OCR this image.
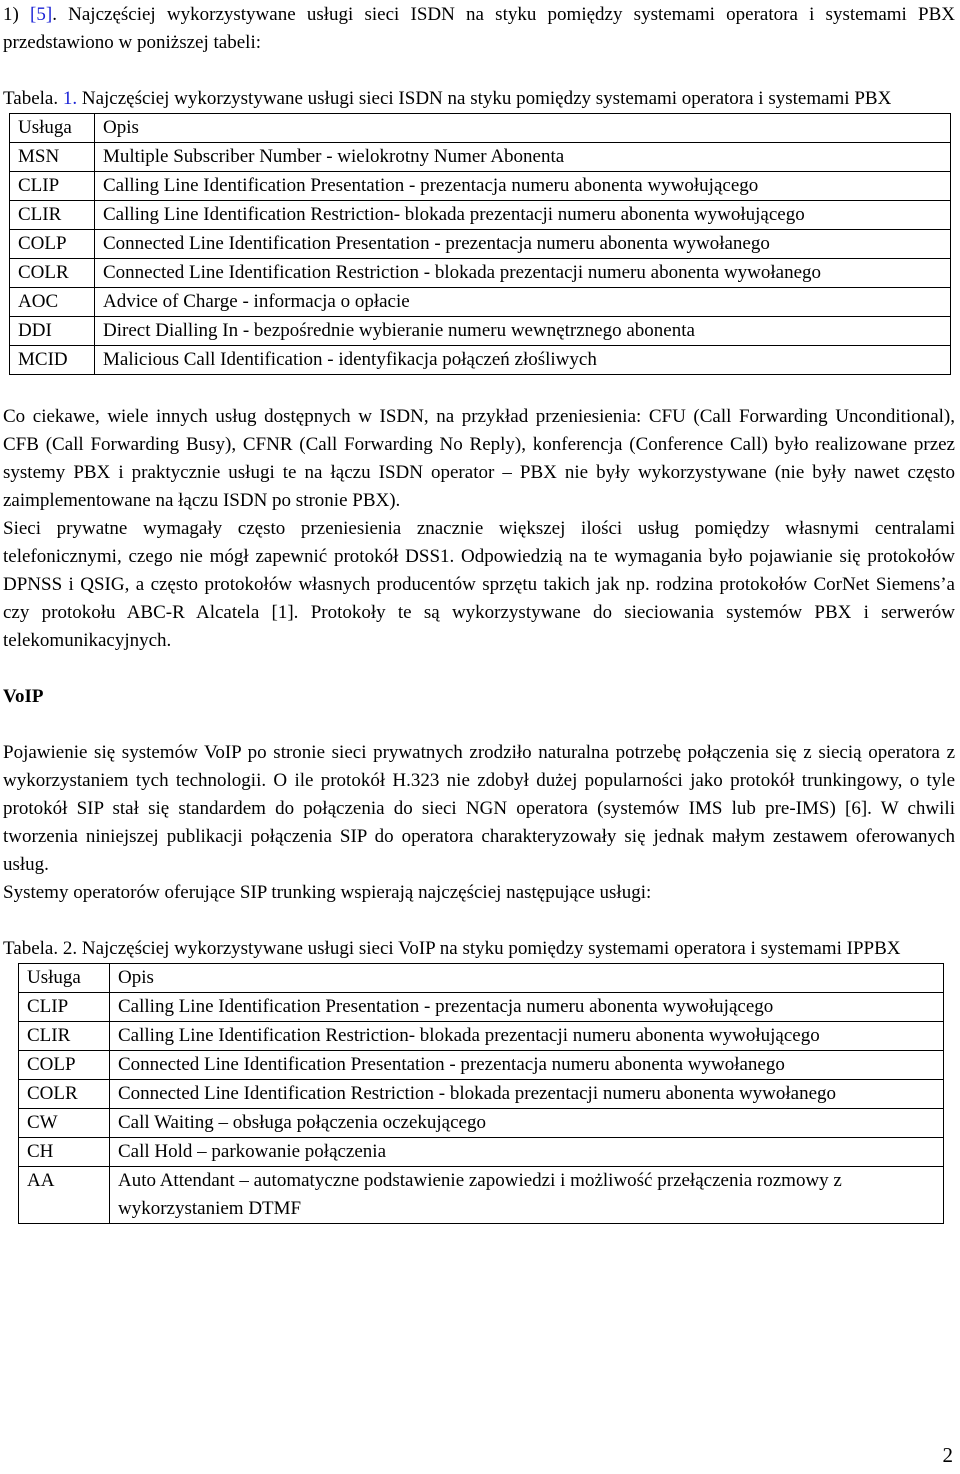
1) [5]. Najczęściej wykorzystywane usługi sieci ISDN na styku pomiędzy systemami operatora i systemami PBX przedstawiono w poniższej tabeli:

Tabela. 1. Najczęściej wykorzystywane usługi sieci ISDN na styku pomiędzy systemami operatora i systemami PBX

Usługa	Opis
MSN	Multiple Subscriber Number - wielokrotny Numer Abonenta
CLIP	Calling Line Identification Presentation - prezentacja numeru abonenta wywołującego
CLIR	Calling Line Identification Restriction- blokada prezentacji numeru abonenta wywołującego
COLP	Connected Line Identification Presentation - prezentacja numeru abonenta wywołanego
COLR	Connected Line Identification Restriction - blokada prezentacji numeru abonenta wywołanego
AOC	Advice of Charge - informacja o opłacie
DDI	Direct Dialling In - bezpośrednie wybieranie numeru wewnętrznego abonenta
MCID	Malicious Call Identification - identyfikacja połączeń złośliwych

Co ciekawe, wiele innych usług dostępnych w ISDN, na przykład przeniesienia: CFU (Call Forwarding Unconditional), CFB (Call Forwarding Busy), CFNR (Call Forwarding No Reply), konferencja (Conference Call) było realizowane przez systemy PBX i praktycznie usługi te na łączu ISDN operator – PBX nie były wykorzystywane (nie były nawet często zaimplementowane na łączu ISDN po stronie PBX).

Sieci prywatne wymagały często przeniesienia znacznie większej ilości usług pomiędzy własnymi centralami telefonicznymi, czego nie mógł zapewnić protokół DSS1. Odpowiedzią na te wymagania było pojawianie się protokołów DPNSS i QSIG, a często protokołów własnych producentów sprzętu takich jak np. rodzina protokołów CorNet Siemens’a czy protokołu ABC-R Alcatela [1]. Protokoły te są wykorzystywane do sieciowania systemów PBX i serwerów telekomunikacyjnych.

VoIP

Pojawienie się systemów VoIP po stronie sieci prywatnych zrodziło naturalna potrzebę połączenia się z siecią operatora z wykorzystaniem tych technologii. O ile protokół H.323 nie zdobył dużej popularności jako protokół trunkingowy, o tyle protokół SIP stał się standardem do połączenia do sieci NGN operatora (systemów IMS lub pre-IMS) [6]. W chwili tworzenia niniejszej publikacji połączenia SIP do operatora charakteryzowały się jednak małym zestawem oferowanych usług.

Systemy operatorów oferujące SIP trunking wspierają najczęściej następujące usługi:

Tabela. 2. Najczęściej wykorzystywane usługi sieci VoIP na styku pomiędzy systemami operatora i systemami IPPBX

Usługa	Opis
CLIP	Calling Line Identification Presentation - prezentacja numeru abonenta wywołującego
CLIR	Calling Line Identification Restriction- blokada prezentacji numeru abonenta wywołującego
COLP	Connected Line Identification Presentation - prezentacja numeru abonenta wywołanego
COLR	Connected Line Identification Restriction - blokada prezentacji numeru abonenta wywołanego
CW	Call Waiting – obsługa połączenia oczekującego
CH	Call Hold – parkowanie połączenia
AA	Auto Attendant – automatyczne podstawienie zapowiedzi i możliwość przełączenia rozmowy z wykorzystaniem DTMF
2
